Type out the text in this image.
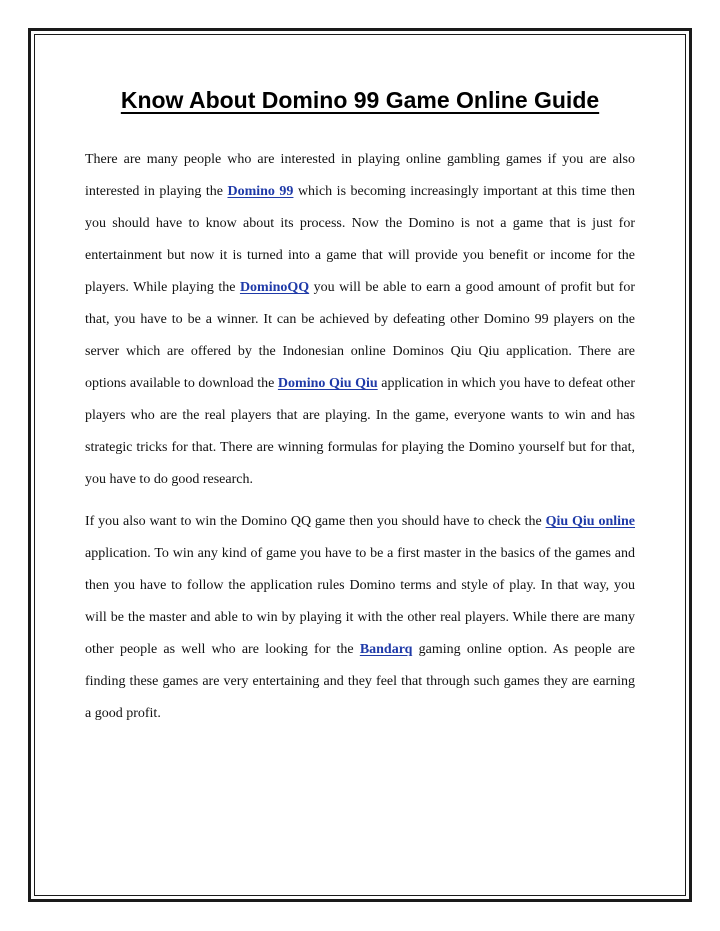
Know About Domino 99 Game Online Guide

There are many people who are interested in playing online gambling games if you are also interested in playing the Domino 99 which is becoming increasingly important at this time then you should have to know about its process. Now the Domino is not a game that is just for entertainment but now it is turned into a game that will provide you benefit or income for the players. While playing the DominoQQ you will be able to earn a good amount of profit but for that, you have to be a winner. It can be achieved by defeating other Domino 99 players on the server which are offered by the Indonesian online Dominos Qiu Qiu application. There are options available to download the Domino Qiu Qiu application in which you have to defeat other players who are the real players that are playing. In the game, everyone wants to win and has strategic tricks for that. There are winning formulas for playing the Domino yourself but for that, you have to do good research.

If you also want to win the Domino QQ game then you should have to check the Qiu Qiu online application. To win any kind of game you have to be a first master in the basics of the games and then you have to follow the application rules Domino terms and style of play. In that way, you will be the master and able to win by playing it with the other real players. While there are many other people as well who are looking for the Bandarq gaming online option. As people are finding these games are very entertaining and they feel that through such games they are earning a good profit.
